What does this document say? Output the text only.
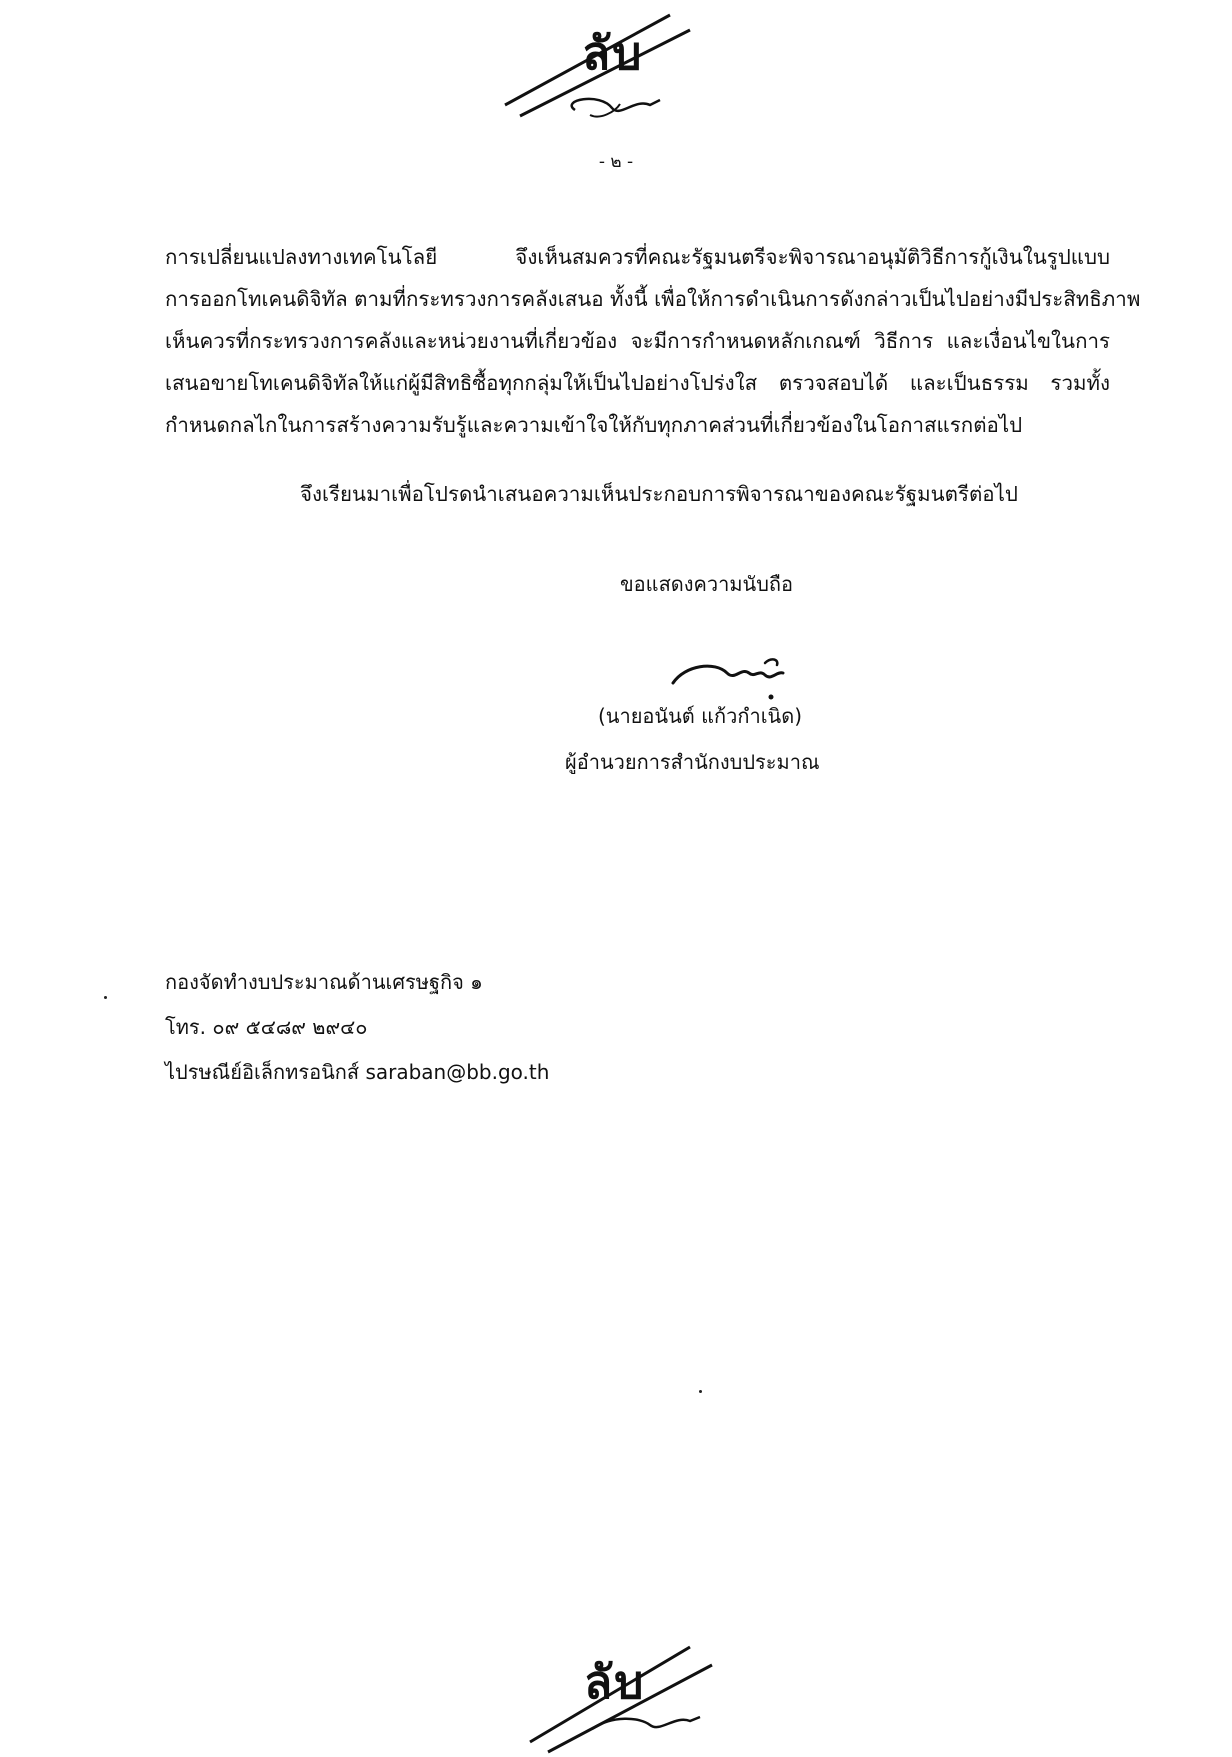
ลับ
- ๒ -
การเปลี่ยนแปลงทางเทคโนโลยี จึงเห็นสมควรที่คณะรัฐมนตรีจะพิจารณาอนุมัติวิธีการกู้เงินในรูปแบบ
การออกโทเคนดิจิทัล ตามที่กระทรวงการคลังเสนอ ทั้งนี้ เพื่อให้การดำเนินการดังกล่าวเป็นไปอย่างมีประสิทธิภาพ
เห็นควรที่กระทรวงการคลังและหน่วยงานที่เกี่ยวข้อง จะมีการกำหนดหลักเกณฑ์ วิธีการ และเงื่อนไขในการ
เสนอขายโทเคนดิจิทัลให้แก่ผู้มีสิทธิซื้อทุกกลุ่มให้เป็นไปอย่างโปร่งใส ตรวจสอบได้ และเป็นธรรม รวมทั้ง
กำหนดกลไกในการสร้างความรับรู้และความเข้าใจให้กับทุกภาคส่วนที่เกี่ยวข้องในโอกาสแรกต่อไป
จึงเรียนมาเพื่อโปรดนำเสนอความเห็นประกอบการพิจารณาของคณะรัฐมนตรีต่อไป
ขอแสดงความนับถือ
(นายอนันต์ แก้วกำเนิด)
ผู้อำนวยการสำนักงบประมาณ
กองจัดทำงบประมาณด้านเศรษฐกิจ ๑
โทร. ๐๙ ๕๔๘๙ ๒๙๔๐
ไปรษณีย์อิเล็กทรอนิกส์ saraban@bb.go.th
ลับ
